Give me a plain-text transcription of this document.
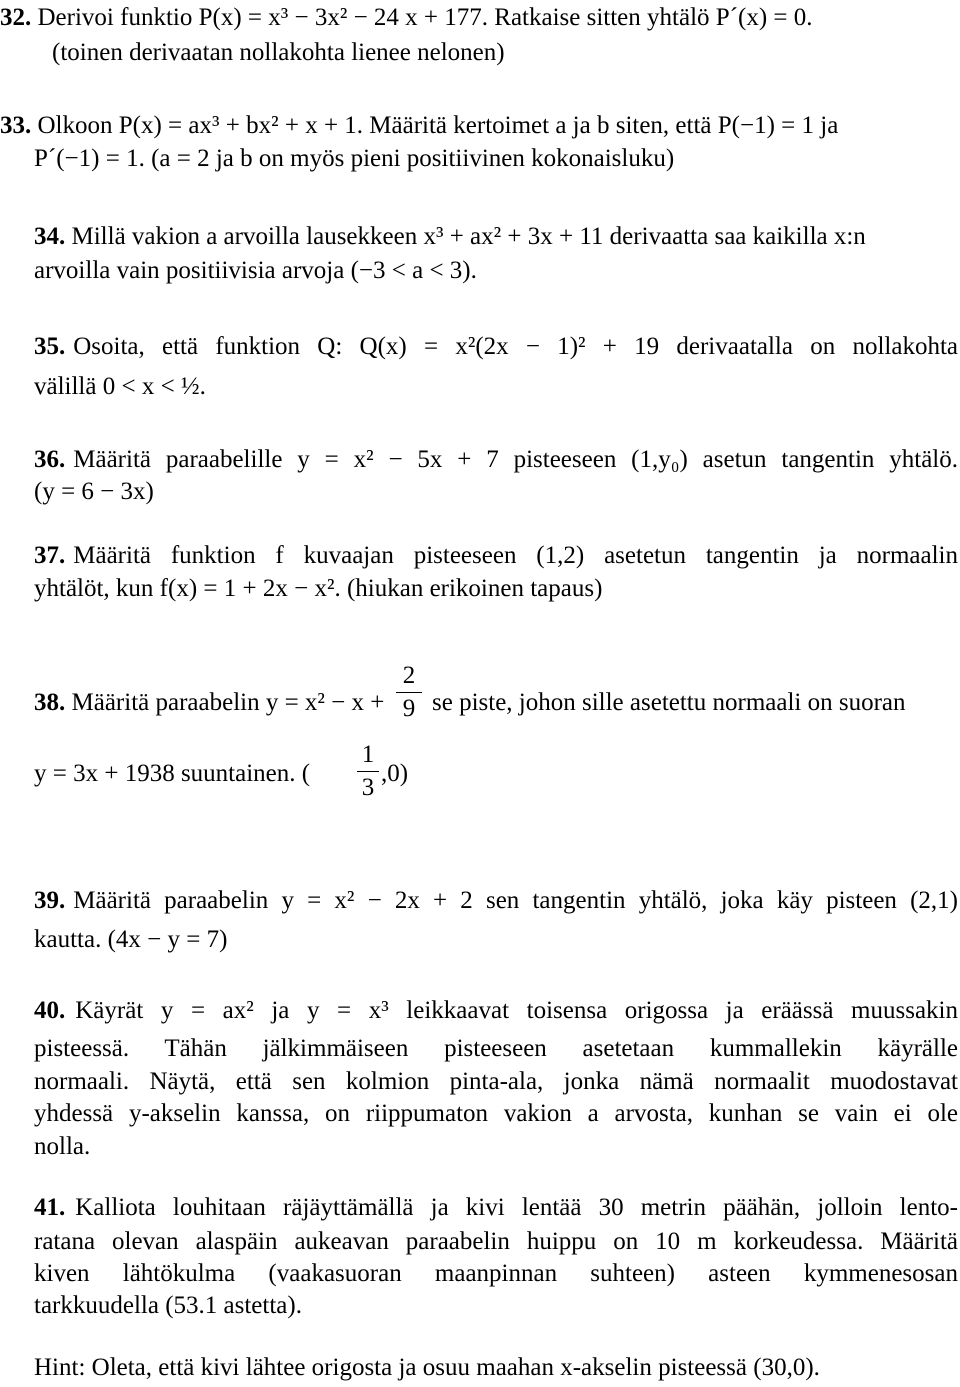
32. Derivoi funktio P(x) = x³ − 3x² − 24 x + 177. Ratkaise sitten yhtälö P´(x) = 0.
(toinen derivaatan nollakohta lienee nelonen)
33. Olkoon P(x) = ax³ + bx² + x + 1. Määritä kertoimet a ja b siten, että P(−1) = 1 ja
P´(−1) = 1. (a = 2 ja b on myös pieni positiivinen kokonaisluku)
34. Millä vakion a arvoilla lausekkeen x³ + ax² + 3x + 11 derivaatta saa kaikilla x:n
arvoilla vain positiivisia arvoja (−3 < a < 3).
35. Osoita, että funktion Q: Q(x) = x²(2x − 1)² + 19 derivaatalla on nollakohta
välillä 0 < x < ½.
36. Määritä paraabelille y = x² − 5x + 7 pisteeseen (1,y₀) asetun tangentin yhtälö.
(y = 6 − 3x)
37. Määritä funktion f kuvaajan pisteeseen (1,2) asetetun tangentin ja normaalin
yhtälöt, kun f(x) = 1 + 2x − x². (hiukan erikoinen tapaus)
38. Määritä paraabelin y = x² − x +
2
9 se piste, johon sille asetettu normaali on suoran
y = 3x + 1938 suuntainen. (
1
3
,0)
39. Määritä paraabelin y = x² − 2x + 2 sen tangentin yhtälö, joka käy pisteen (2,1)
kautta. (4x − y = 7)
40. Käyrät y = ax² ja y = x³ leikkaavat toisensa origossa ja eräässä muussakin
pisteessä. Tähän jälkimmäiseen pisteeseen asetetaan kummallekin käyrälle
normaali. Näytä, että sen kolmion pinta-ala, jonka nämä normaalit muodostavat
yhdessä y-akselin kanssa, on riippumaton vakion a arvosta, kunhan se vain ei ole
nolla.
41. Kalliota louhitaan räjäyttämällä ja kivi lentää 30 metrin päähän, jolloin lento-
ratana olevan alaspäin aukeavan paraabelin huippu on 10 m korkeudessa. Määritä
kiven lähtökulma (vaakasuoran maanpinnan suhteen) asteen kymmenesosan
tarkkuudella (53.1 astetta).
Hint: Oleta, että kivi lähtee origosta ja osuu maahan x-akselin pisteessä (30,0).
